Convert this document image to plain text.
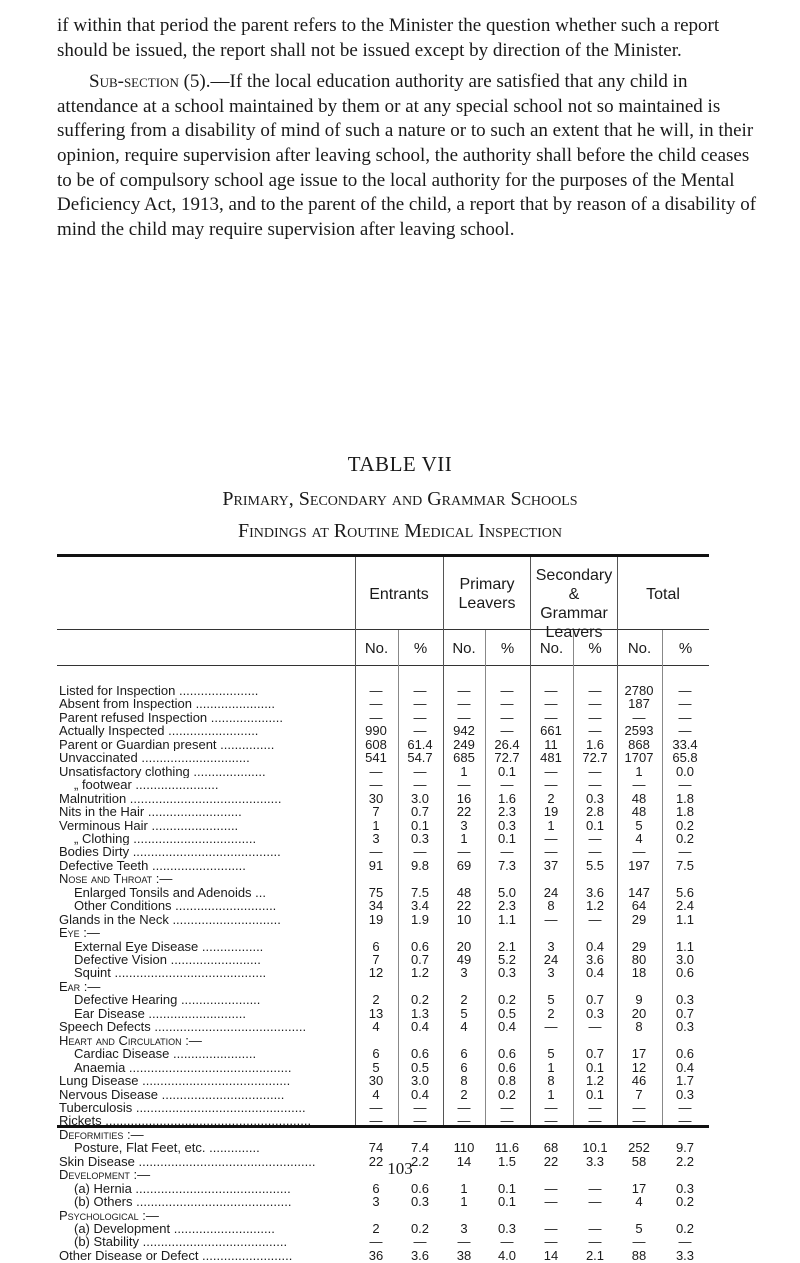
if within that period the parent refers to the Minister the question whether such a report should be issued, the report shall not be issued except by direction of the Minister.

Sub-section (5).—If the local education authority are satisfied that any child in attendance at a school maintained by them or at any special school not so maintained is suffering from a disability of mind of such a nature or to such an extent that he will, in their opinion, require supervision after leaving school, the authority shall before the child ceases to be of compulsory school age issue to the local authority for the purposes of the Mental Deficiency Act, 1913, and to the parent of the child, a report that by reason of a disability of mind the child may require supervision after leaving school.

TABLE VII
Primary, Secondary and Grammar Schools
Findings at Routine Medical Inspection
Entrants
Primary Leavers
Secondary & Grammar Leavers
Total
No.	%	No.	%	No.	%	No.	%
Listed for Inspection ......................	—	—	—	—	—	—	2780	—
Absent from Inspection ......................	—	—	—	—	—	—	187	—
Parent refused Inspection ....................	—	—	—	—	—	—	—	—
Actually Inspected .........................	990	—	942	—	661	—	2593	—
Parent or Guardian present ...............	608	61.4	249	26.4	11	1.6	868	33.4
Unvaccinated ..............................	541	54.7	685	72.7	481	72.7	1707	65.8
Unsatisfactory clothing ....................	—	—	1	0.1	—	—	1	0.0
„ footwear .......................	—	—	—	—	—	—	—	—
Malnutrition ..........................................	30	3.0	16	1.6	2	0.3	48	1.8
Nits in the Hair ..........................	7	0.7	22	2.3	19	2.8	48	1.8
Verminous Hair ........................	1	0.1	3	0.3	1	0.1	5	0.2
„ Clothing ..................................	3	0.3	1	0.1	—	—	4	0.2
Bodies Dirty .........................................	—	—	—	—	—	—	—	—
Defective Teeth ..........................	91	9.8	69	7.3	37	5.5	197	7.5
Nose and Throat :—
Enlarged Tonsils and Adenoids ...	75	7.5	48	5.0	24	3.6	147	5.6
Other Conditions ............................	34	3.4	22	2.3	8	1.2	64	2.4
Glands in the Neck ..............................	19	1.9	10	1.1	—	—	29	1.1
Eye :—
External Eye Disease .................	6	0.6	20	2.1	3	0.4	29	1.1
Defective Vision .........................	7	0.7	49	5.2	24	3.6	80	3.0
Squint ..........................................	12	1.2	3	0.3	3	0.4	18	0.6
Ear :—
Defective Hearing ......................	2	0.2	2	0.2	5	0.7	9	0.3
Ear Disease ...........................	13	1.3	5	0.5	2	0.3	20	0.7
Speech Defects ..........................................	4	0.4	4	0.4	—	—	8	0.3
Heart and Circulation :—
Cardiac Disease .......................	6	0.6	6	0.6	5	0.7	17	0.6
Anaemia .............................................	5	0.5	6	0.6	1	0.1	12	0.4
Lung Disease .........................................	30	3.0	8	0.8	8	1.2	46	1.7
Nervous Disease ..................................	4	0.4	2	0.2	1	0.1	7	0.3
Tuberculosis ...............................................	—	—	—	—	—	—	—	—
Rickets .........................................................	—	—	—	—	—	—	—	—
Deformities :—
Posture, Flat Feet, etc. ..............	74	7.4	110	11.6	68	10.1	252	9.7
Skin Disease .................................................	22	2.2	14	1.5	22	3.3	58	2.2
Development :—
(a) Hernia ...........................................	6	0.6	1	0.1	—	—	17	0.3
(b) Others ...........................................	3	0.3	1	0.1	—	—	4	0.2
Psychological :—
(a) Development ............................	2	0.2	3	0.3	—	—	5	0.2
(b) Stability ........................................	—	—	—	—	—	—	—	—
Other Disease or Defect .........................	36	3.6	38	4.0	14	2.1	88	3.3
103
